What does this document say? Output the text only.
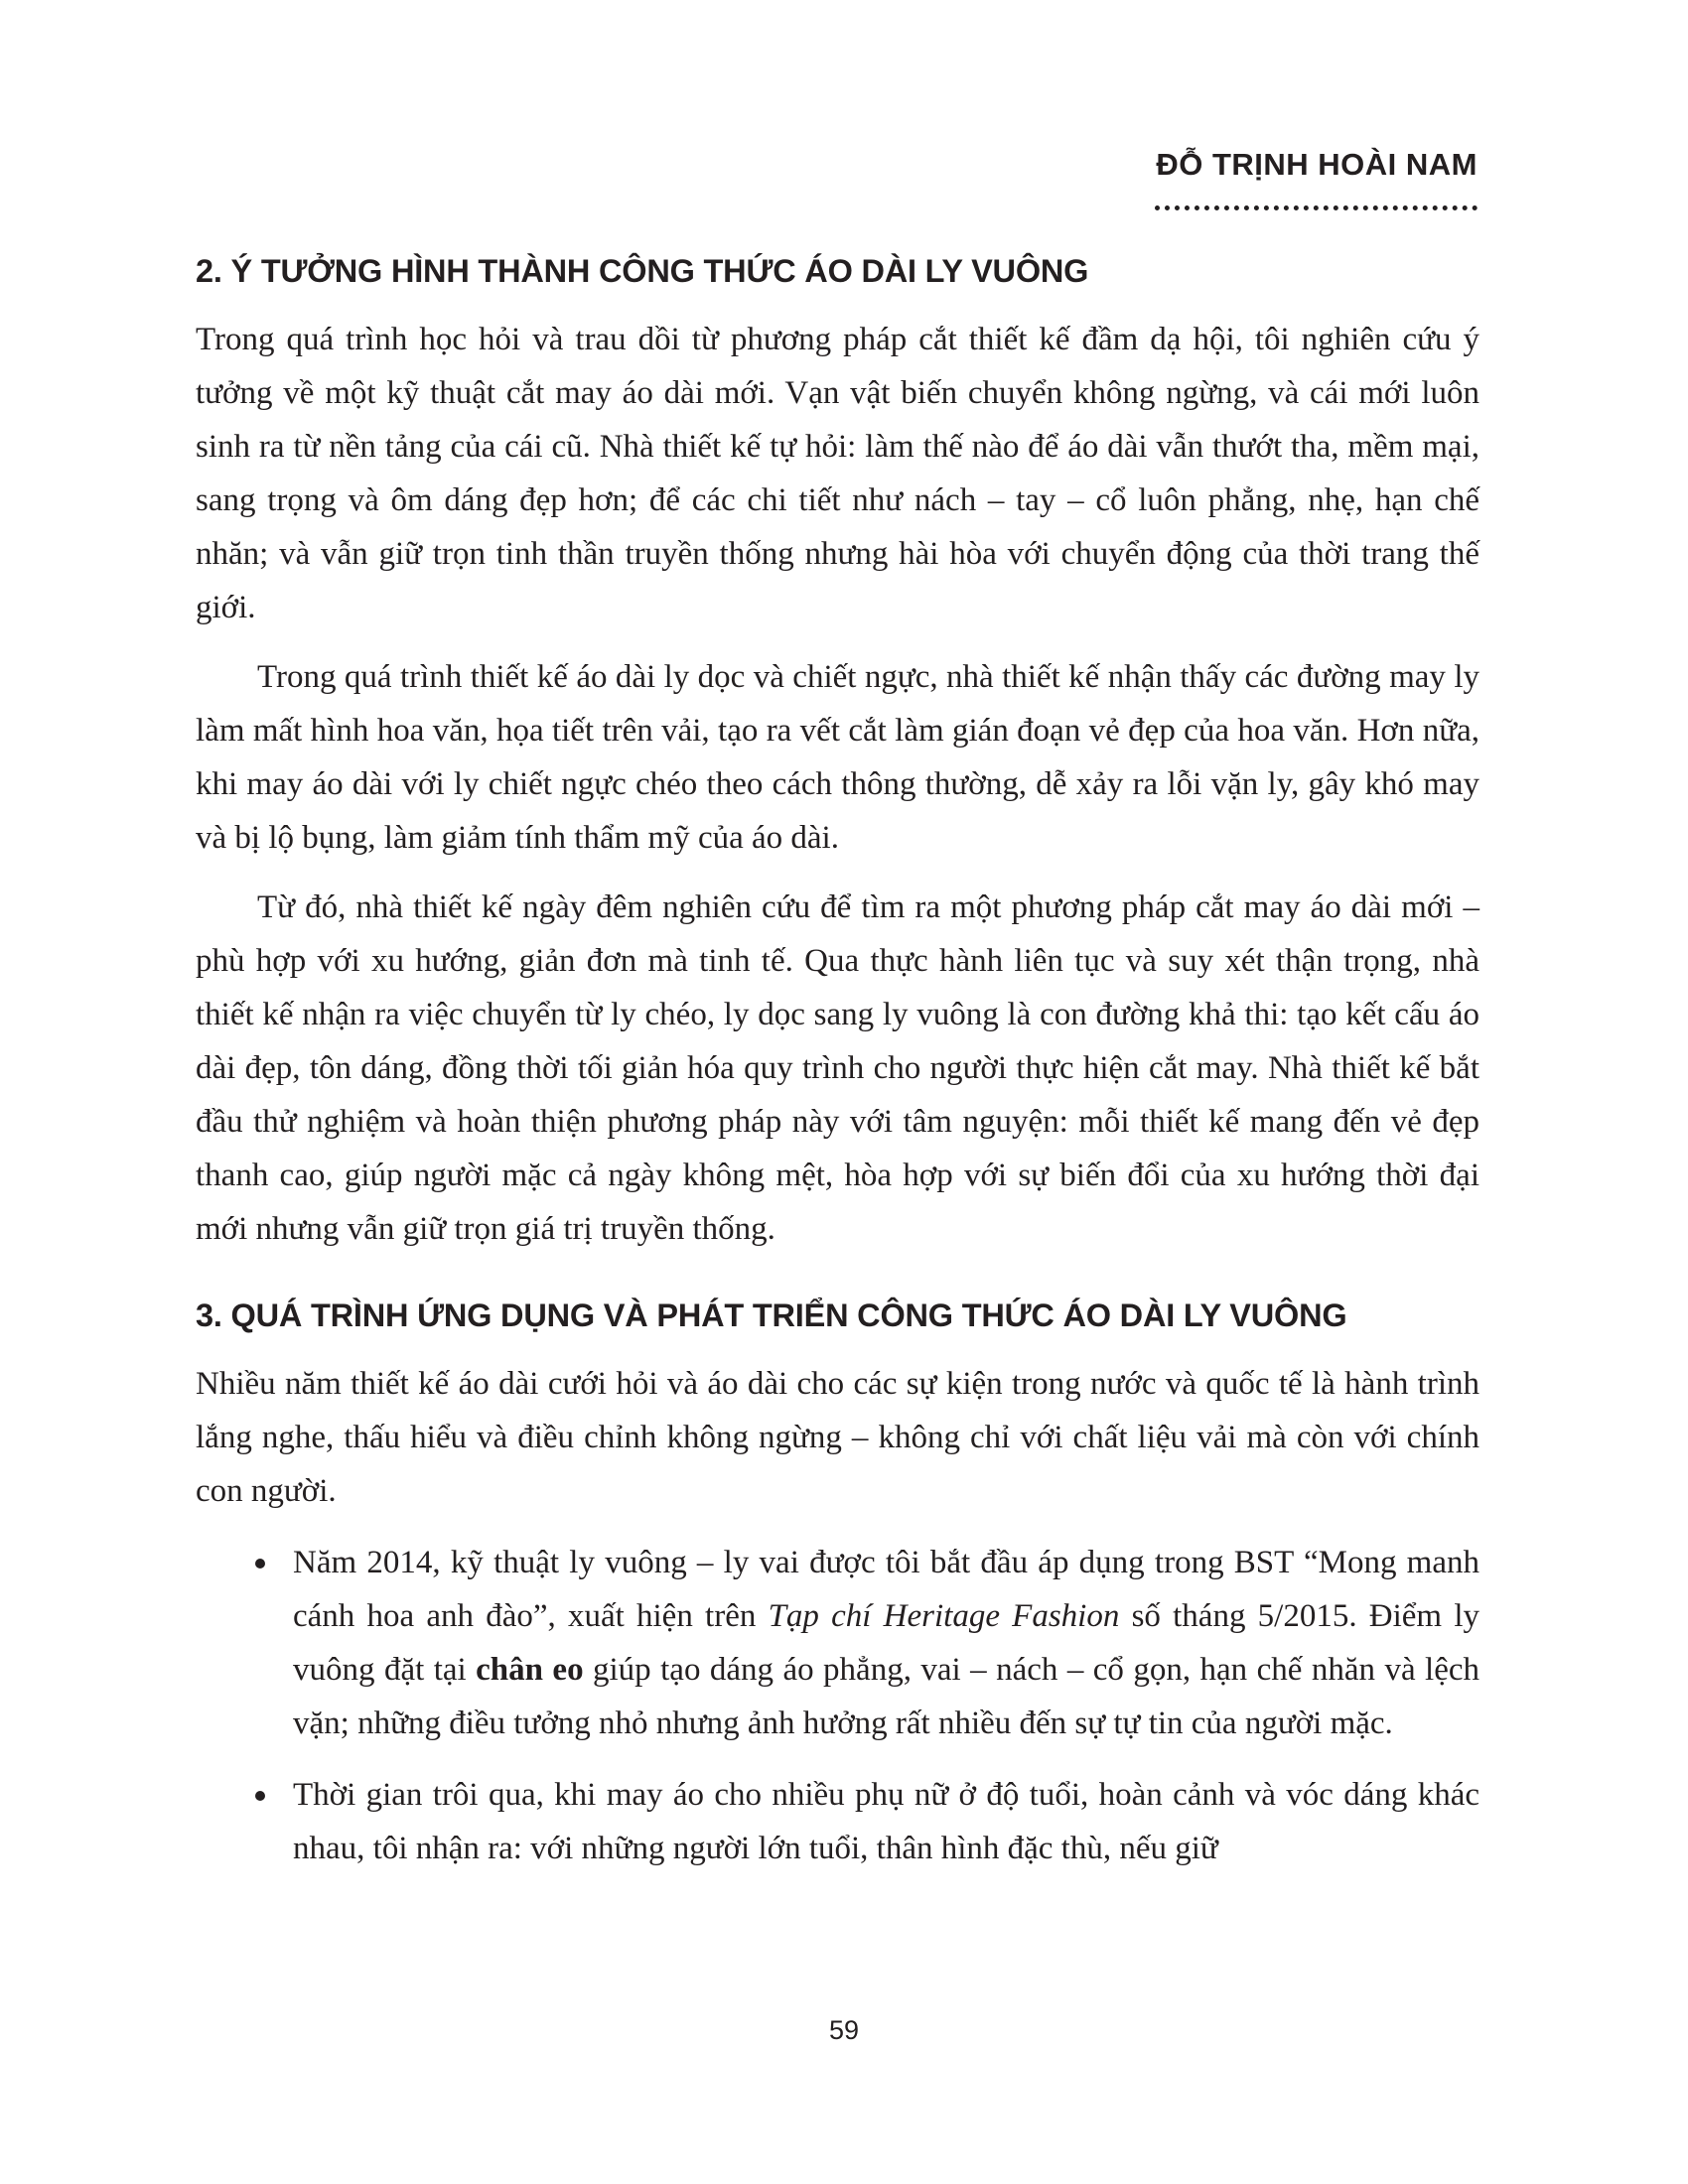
ĐỖ TRỊNH HOÀI NAM
2. Ý TƯỞNG HÌNH THÀNH CÔNG THỨC ÁO DÀI LY VUÔNG

Trong quá trình học hỏi và trau dồi từ phương pháp cắt thiết kế đầm dạ hội, tôi nghiên cứu ý tưởng về một kỹ thuật cắt may áo dài mới. Vạn vật biến chuyển không ngừng, và cái mới luôn sinh ra từ nền tảng của cái cũ. Nhà thiết kế tự hỏi: làm thế nào để áo dài vẫn thướt tha, mềm mại, sang trọng và ôm dáng đẹp hơn; để các chi tiết như nách – tay – cổ luôn phẳng, nhẹ, hạn chế nhăn; và vẫn giữ trọn tinh thần truyền thống nhưng hài hòa với chuyển động của thời trang thế giới.

Trong quá trình thiết kế áo dài ly dọc và chiết ngực, nhà thiết kế nhận thấy các đường may ly làm mất hình hoa văn, họa tiết trên vải, tạo ra vết cắt làm gián đoạn vẻ đẹp của hoa văn. Hơn nữa, khi may áo dài với ly chiết ngực chéo theo cách thông thường, dễ xảy ra lỗi vặn ly, gây khó may và bị lộ bụng, làm giảm tính thẩm mỹ của áo dài.

Từ đó, nhà thiết kế ngày đêm nghiên cứu để tìm ra một phương pháp cắt may áo dài mới – phù hợp với xu hướng, giản đơn mà tinh tế. Qua thực hành liên tục và suy xét thận trọng, nhà thiết kế nhận ra việc chuyển từ ly chéo, ly dọc sang ly vuông là con đường khả thi: tạo kết cấu áo dài đẹp, tôn dáng, đồng thời tối giản hóa quy trình cho người thực hiện cắt may. Nhà thiết kế bắt đầu thử nghiệm và hoàn thiện phương pháp này với tâm nguyện: mỗi thiết kế mang đến vẻ đẹp thanh cao, giúp người mặc cả ngày không mệt, hòa hợp với sự biến đổi của xu hướng thời đại mới nhưng vẫn giữ trọn giá trị truyền thống.

3. QUÁ TRÌNH ỨNG DỤNG VÀ PHÁT TRIỂN CÔNG THỨC ÁO DÀI LY VUÔNG

Nhiều năm thiết kế áo dài cưới hỏi và áo dài cho các sự kiện trong nước và quốc tế là hành trình lắng nghe, thấu hiểu và điều chỉnh không ngừng – không chỉ với chất liệu vải mà còn với chính con người.

Năm 2014, kỹ thuật ly vuông – ly vai được tôi bắt đầu áp dụng trong BST “Mong manh cánh hoa anh đào”, xuất hiện trên Tạp chí Heritage Fashion số tháng 5/2015. Điểm ly vuông đặt tại chân eo giúp tạo dáng áo phẳng, vai – nách – cổ gọn, hạn chế nhăn và lệch vặn; những điều tưởng nhỏ nhưng ảnh hưởng rất nhiều đến sự tự tin của người mặc.
Thời gian trôi qua, khi may áo cho nhiều phụ nữ ở độ tuổi, hoàn cảnh và vóc dáng khác nhau, tôi nhận ra: với những người lớn tuổi, thân hình đặc thù, nếu giữ
59
